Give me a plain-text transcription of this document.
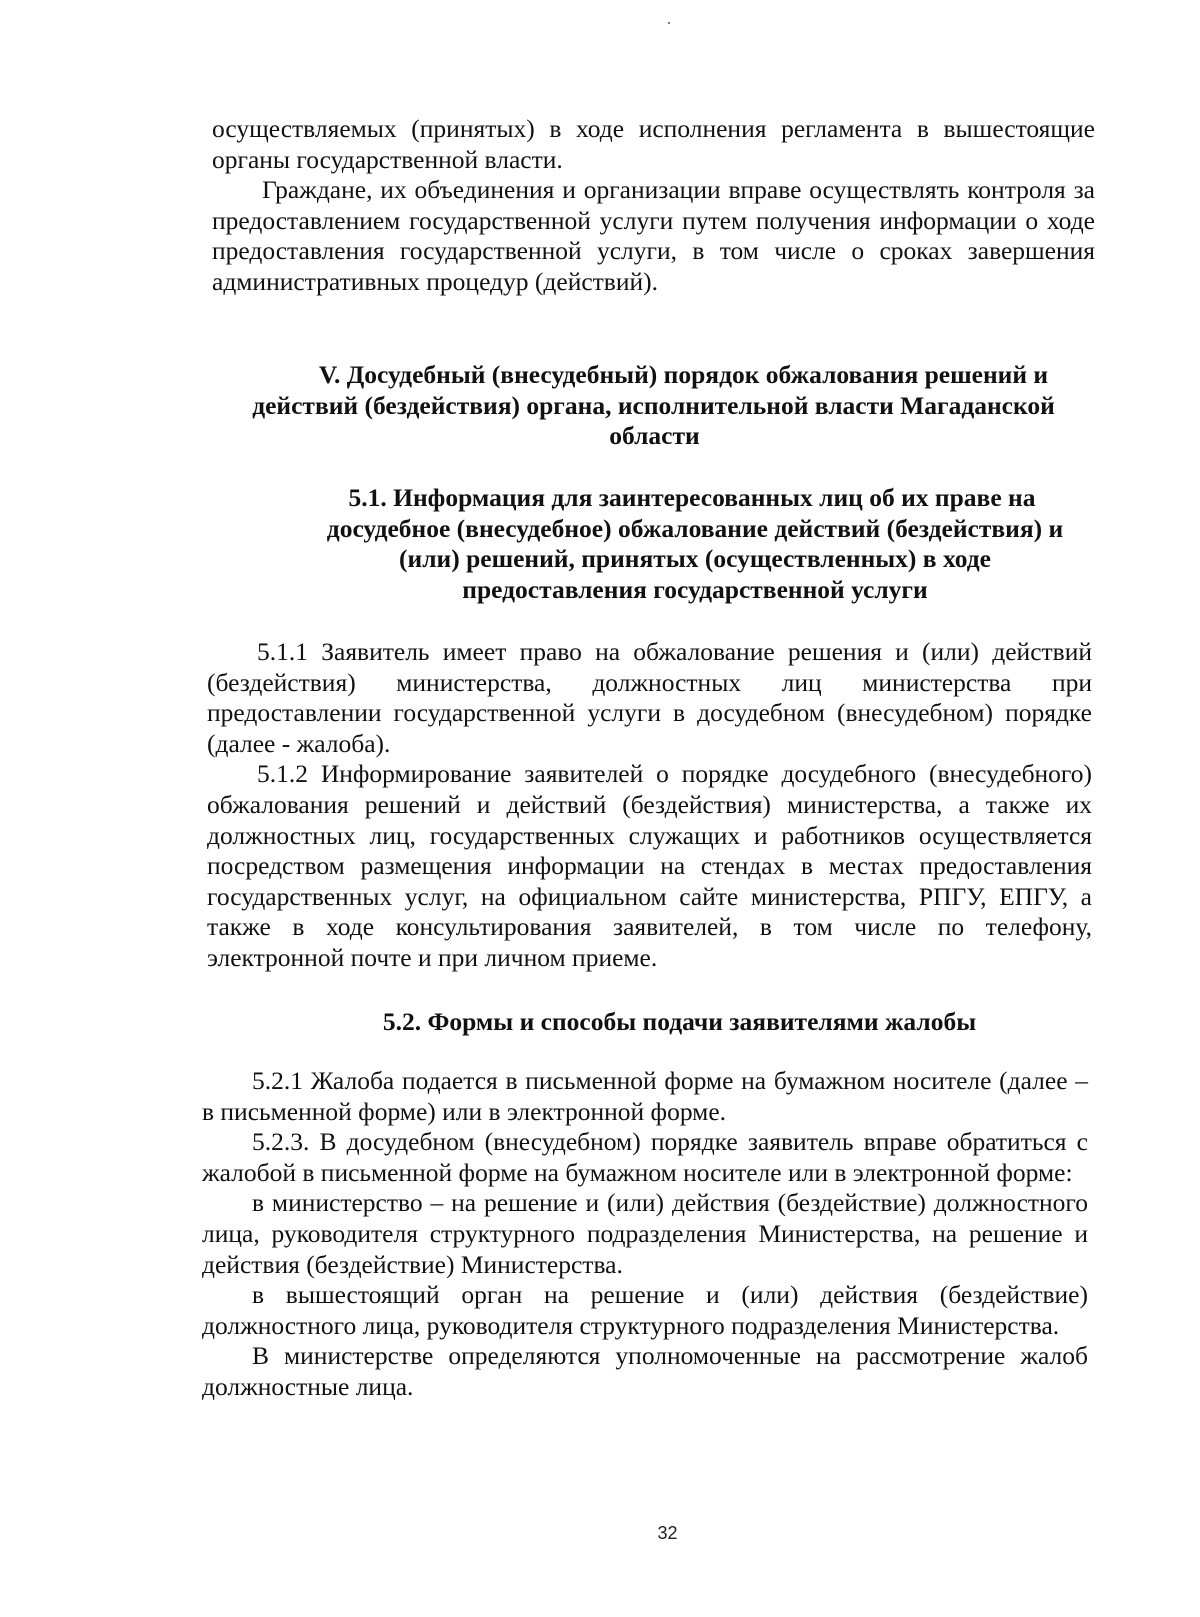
осуществляемых (принятых) в ходе исполнения регламента в вышестоящие органы государственной власти.

Граждане, их объединения и организации вправе осуществлять контроля за предоставлением государственной услуги путем получения информации о ходе предоставления государственной услуги, в том числе о сроках завершения административных процедур (действий).

V. Досудебный (внесудебный) порядок обжалования решений и

действий (бездействия) органа, исполнительной власти Магаданской

области

5.1. Информация для заинтересованных лиц об их праве на

досудебное (внесудебное) обжалование действий (бездействия) и

(или) решений, принятых (осуществленных) в ходе

предоставления государственной услуги

5.1.1 Заявитель имеет право на обжалование решения и (или) действий (бездействия) министерства, должностных лиц министерства при предоставлении государственной услуги в досудебном (внесудебном) порядке (далее - жалоба).

5.1.2 Информирование заявителей о порядке досудебного (внесудебного) обжалования решений и действий (бездействия) министерства, а также их должностных лиц, государственных служащих и работников осуществляется посредством размещения информации на стендах в местах предоставления государственных услуг, на официальном сайте министерства, РПГУ, ЕПГУ, а также в ходе консультирования заявителей, в том числе по телефону, электронной почте и при личном приеме.

5.2. Формы и способы подачи заявителями жалобы

5.2.1 Жалоба подается в письменной форме на бумажном носителе (далее – в письменной форме) или в электронной форме.

5.2.3. В досудебном (внесудебном) порядке заявитель вправе обратиться с жалобой в письменной форме на бумажном носителе или в электронной форме:

в министерство – на решение и (или) действия (бездействие) должностного лица, руководителя структурного подразделения Министерства, на решение и действия (бездействие) Министерства.

в вышестоящий орган на решение и (или) действия (бездействие) должностного лица, руководителя структурного подразделения Министерства.

В министерстве определяются уполномоченные на рассмотрение жалоб должностные лица.

32
